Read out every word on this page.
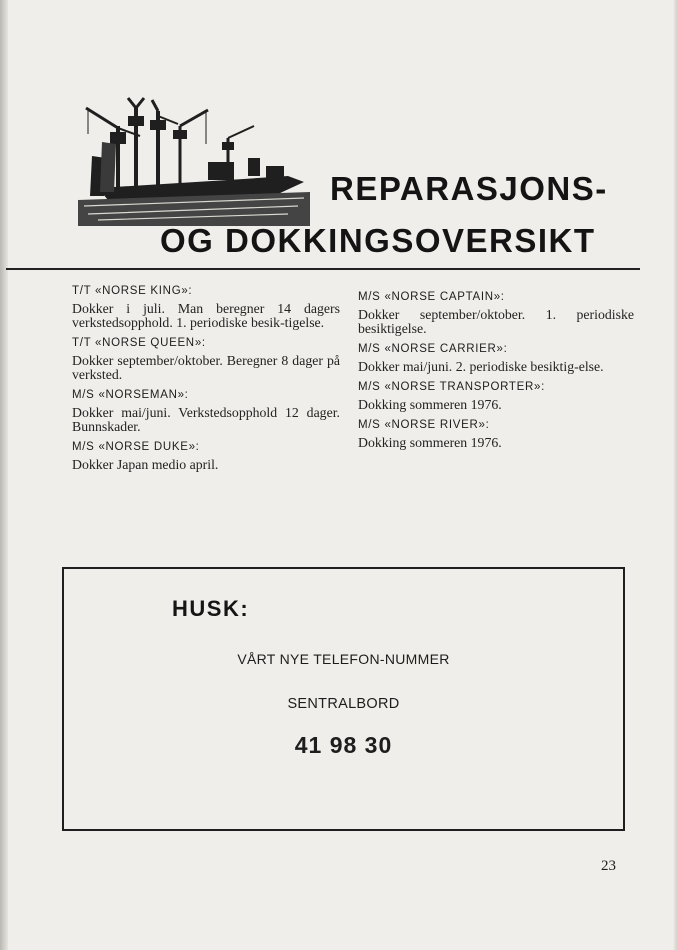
REPARASJONS-
OG DOKKINGSOVERSIKT
T/T «NORSE KING»:
Dokker i juli. Man beregner 14 dagers verkstedsopphold. 1. periodiske besik-tigelse.
T/T «NORSE QUEEN»:
Dokker september/oktober. Beregner 8 dager på verksted.
M/S «NORSEMAN»:
Dokker mai/juni. Verkstedsopphold 12 dager. Bunnskader.
M/S «NORSE DUKE»:
Dokker Japan medio april.
M/S «NORSE CAPTAIN»:
Dokker september/oktober. 1. periodiske besiktigelse.
M/S «NORSE CARRIER»:
Dokker mai/juni. 2. periodiske besiktig-else.
M/S «NORSE TRANSPORTER»:
Dokking sommeren 1976.
M/S «NORSE RIVER»:
Dokking sommeren 1976.
HUSK:
VÅRT NYE TELEFON-NUMMER
SENTRALBORD
41 98 30
23
